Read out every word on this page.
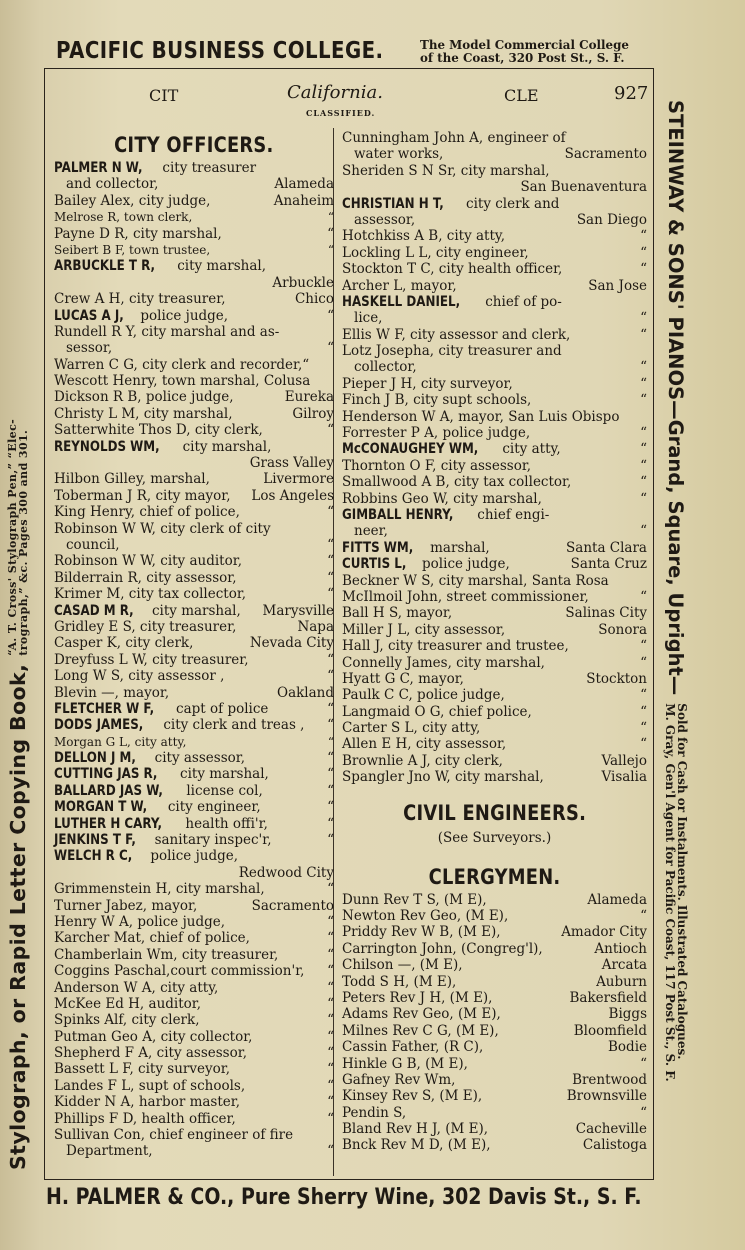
PACIFIC BUSINESS COLLEGE.	The Model Commercial College
of the Coast, 320 Post St., S. F.
CIT	California.
CLASSIFIED.
CLE	927
CITY OFFICERS.
PALMER N W, city treasurer
and collector,	Alameda
Bailey Alex, city judge,	Anaheim
Melrose R, town clerk,	“
Payne D R, city marshal,	“
Seibert B F, town trustee,	“
ARBUCKLE T R, city marshal,
Arbuckle
Crew A H, city treasurer,	Chico
LUCAS A J, police judge,	“
Rundell R Y, city marshal and as-
sessor,	“
Warren C G, city clerk and recorder,“
Wescott Henry, town marshal, Colusa
Dickson R B, police judge,	Eureka
Christy L M, city marshal,	Gilroy
Satterwhite Thos D, city clerk,	“
REYNOLDS WM, city marshal,
Grass Valley
Hilbon Gilley, marshal,	Livermore
Toberman J R, city mayor, Los Angeles
King Henry, chief of police,	“
Robinson W W, city clerk of city
council,	“
Robinson W W, city auditor,	“
Bilderrain R, city assessor,	“
Krimer M, city tax collector,	“
CASAD M R, city marshal, Marysville
Gridley E S, city treasurer,	Napa
Casper K, city clerk,	Nevada City
Dreyfuss L W, city treasurer,	“
Long W S, city assessor ,	“
Blevin —, mayor,	Oakland
FLETCHER W F, capt of police	“
DODS JAMES, city clerk and treas , “
Morgan G L, city atty,	“
DELLON J M, city assessor,	“
CUTTING JAS R, city marshal,	“
BALLARD JAS W, license col,	“
MORGAN T W, city engineer,	“
LUTHER H CARY, health offi'r,	“
JENKINS T F, sanitary inspec'r,	“
WELCH R C, police judge,
Redwood City
Grimmenstein H, city marshal,	“
Turner Jabez, mayor,	Sacramento
Henry W A, police judge,	“
Karcher Mat, chief of police,	“
Chamberlain Wm, city treasurer,	“
Coggins Paschal,court commission'r, “
Anderson W A, city atty,	“
McKee Ed H, auditor,	“
Spinks Alf, city clerk,	“
Putman Geo A, city collector,	“
Shepherd F A, city assessor,	“
Bassett L F, city surveyor,	“
Landes F L, supt of schools,	“
Kidder N A, harbor master,	“
Phillips F D, health officer,	“
Sullivan Con, chief engineer of fire
Department,	“
Cunningham John A, engineer of
water works,	Sacramento
Sheriden S N Sr, city marshal,
San Buenaventura
CHRISTIAN H T, city clerk and
assessor,	San Diego
Hotchkiss A B, city atty,	“
Lockling L L, city engineer,	“
Stockton T C, city health officer,	“
Archer L, mayor,	San Jose
HASKELL DANIEL, chief of po-
lice,	“
Ellis W F, city assessor and clerk,	“
Lotz Josepha, city treasurer and
collector,	“
Pieper J H, city surveyor,	“
Finch J B, city supt schools,	“
Henderson W A, mayor, San Luis Obispo
Forrester P A, police judge,	“
McCONAUGHEY WM, city atty,	“
Thornton O F, city assessor,	“
Smallwood A B, city tax collector,	“
Robbins Geo W, city marshal,	“
GIMBALL HENRY, chief engi-
neer,	“
FITTS WM, marshal,	Santa Clara
CURTIS L, police judge,	Santa Cruz
Beckner W S, city marshal, Santa Rosa
McIlmoil John, street commissioner,	“
Ball H S, mayor,	Salinas City
Miller J L, city assessor,	Sonora
Hall J, city treasurer and trustee,	“
Connelly James, city marshal,	“
Hyatt G C, mayor,	Stockton
Paulk C C, police judge,	“
Langmaid O G, chief police,	“
Carter S L, city atty,	“
Allen E H, city assessor,	“
Brownlie A J, city clerk,	Vallejo
Spangler Jno W, city marshal,	Visalia
CIVIL ENGINEERS.
(See Surveyors.)
CLERGYMEN.
Dunn Rev T S, (M E),	Alameda
Newton Rev Geo, (M E),	“
Priddy Rev W B, (M E),	Amador City
Carrington John, (Congreg'l),	Antioch
Chilson —, (M E),	Arcata
Todd S H, (M E),	Auburn
Peters Rev J H, (M E),	Bakersfield
Adams Rev Geo, (M E),	Biggs
Milnes Rev C G, (M E),	Bloomfield
Cassin Father, (R C),	Bodie
Hinkle G B, (M E),	“
Gafney Rev Wm,	Brentwood
Kinsey Rev S, (M E),	Brownsville
Pendin S,	“
Bland Rev H J, (M E),	Cacheville
Bnck Rev M D, (M E),	Calistoga
Stylograph, or Rapid Letter Copying Book,
“A. T. Cross' Stylograph Pen,” “Elec-
trograph,” &c. Pages 300 and 301.	STEINWAY & SONS' PIANOS—Grand, Square, Upright—
Sold for Cash or Instalments. Illustrated Catalogues.
M. Gray, Gen'l Agent for Pacific Coast, 117 Post St., S. F.
H. PALMER & CO., Pure Sherry Wine, 302 Davis St., S. F.
